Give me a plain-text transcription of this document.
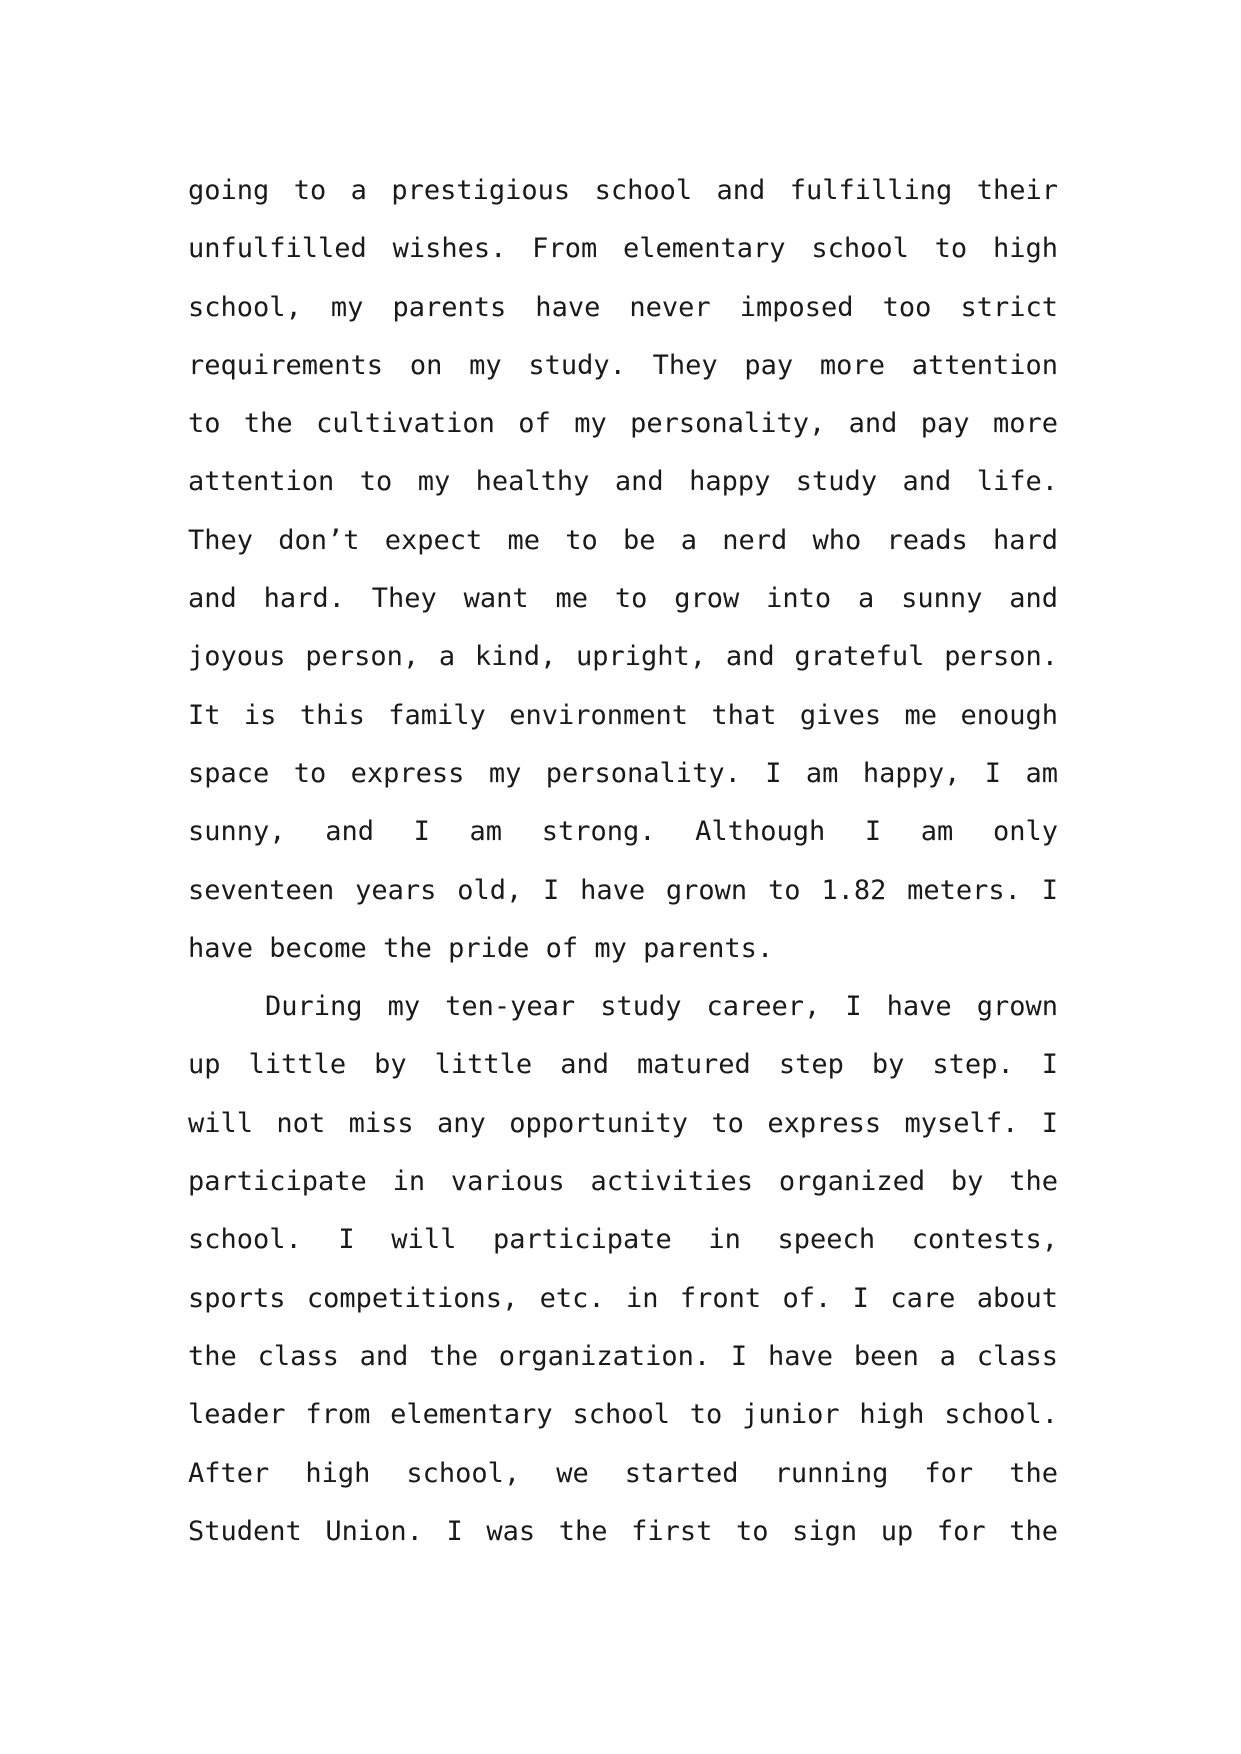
going to a prestigious school and fulfilling their
unfulfilled wishes. From elementary school to high
school, my parents have never imposed too strict
requirements on my study. They pay more attention
to the cultivation of my personality, and pay more
attention to my healthy and happy study and life.
They don’t expect me to be a nerd who reads hard
and hard. They want me to grow into a sunny and
joyous person, a kind, upright, and grateful person.
It is this family environment that gives me enough
space to express my personality. I am happy, I am
sunny, and I am strong. Although I am only
seventeen years old, I have grown to 1.82 meters. I
have become the pride of my parents.
During my ten-year study career, I have grown
up little by little and matured step by step. I
will not miss any opportunity to express myself. I
participate in various activities organized by the
school. I will participate in speech contests,
sports competitions, etc. in front of. I care about
the class and the organization. I have been a class
leader from elementary school to junior high school.
After high school, we started running for the
Student Union. I was the first to sign up for the
